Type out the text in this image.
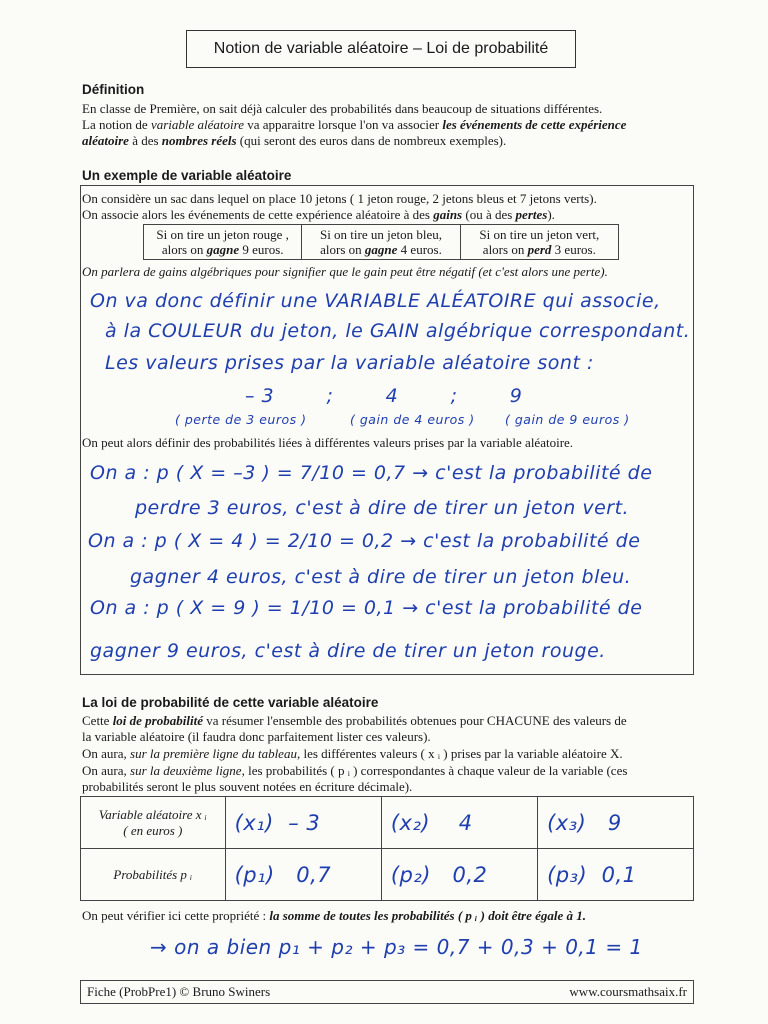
Notion de variable aléatoire – Loi de probabilité
Définition
En classe de Première, on sait déjà calculer des probabilités dans beaucoup de situations différentes.
La notion de variable aléatoire va apparaitre lorsque l'on va associer les événements de cette expérience
aléatoire à des nombres réels (qui seront des euros dans de nombreux exemples).
Un exemple de variable aléatoire
On considère un sac dans lequel on place 10 jetons ( 1 jeton rouge, 2 jetons bleus et 7 jetons verts).
On associe alors les événements de cette expérience aléatoire à des gains (ou à des pertes).
Si on tire un jeton rouge ,
alors on gagne 9 euros.	Si on tire un jeton bleu,
alors on gagne 4 euros.	Si on tire un jeton vert,
alors on perd 3 euros.
On parlera de gains algébriques pour signifier que le gain peut être négatif (et c'est alors une perte).
On va donc définir une VARIABLE ALÉATOIRE qui associe,
à la COULEUR du jeton, le GAIN algébrique correspondant.
Les valeurs prises par la variable aléatoire sont :
– 3        ;        4        ;        9
( perte de 3 euros )	( gain de 4 euros ) ( gain de 9 euros )
On peut alors définir des probabilités liées à différentes valeurs prises par la variable aléatoire.
On a : p ( X = –3 ) = 7/10 = 0,7 → c'est la probabilité de
perdre 3 euros, c'est à dire de tirer un jeton vert.
On a : p ( X = 4 ) = 2/10 = 0,2 → c'est la probabilité de
gagner 4 euros, c'est à dire de tirer un jeton bleu.
On a : p ( X = 9 ) = 1/10 = 0,1 → c'est la probabilité de
gagner 9 euros, c'est à dire de tirer un jeton rouge.
La loi de probabilité de cette variable aléatoire
Cette loi de probabilité va résumer l'ensemble des probabilités obtenues pour CHACUNE des valeurs de
la variable aléatoire (il faudra donc parfaitement lister ces valeurs).
On aura, sur la première ligne du tableau, les différentes valeurs ( x ᵢ ) prises par la variable aléatoire X.
On aura, sur la deuxième ligne, les probabilités ( p ᵢ ) correspondantes à chaque valeur de la variable (ces
probabilités seront le plus souvent notées en écriture décimale).
Variable aléatoire x ᵢ
( en euros )	(x₁)  – 3	(x₂)    4	(x₃)   9
Probabilités p ᵢ	(p₁)   0,7	(p₂)   0,2	(p₃)  0,1
On peut vérifier ici cette propriété : la somme de toutes les probabilités ( p ᵢ ) doit être égale à 1.
→ on a bien p₁ + p₂ + p₃ = 0,7 + 0,3 + 0,1 = 1
Fiche (ProbPre1) © Bruno Swiners	www.coursmathsaix.fr
